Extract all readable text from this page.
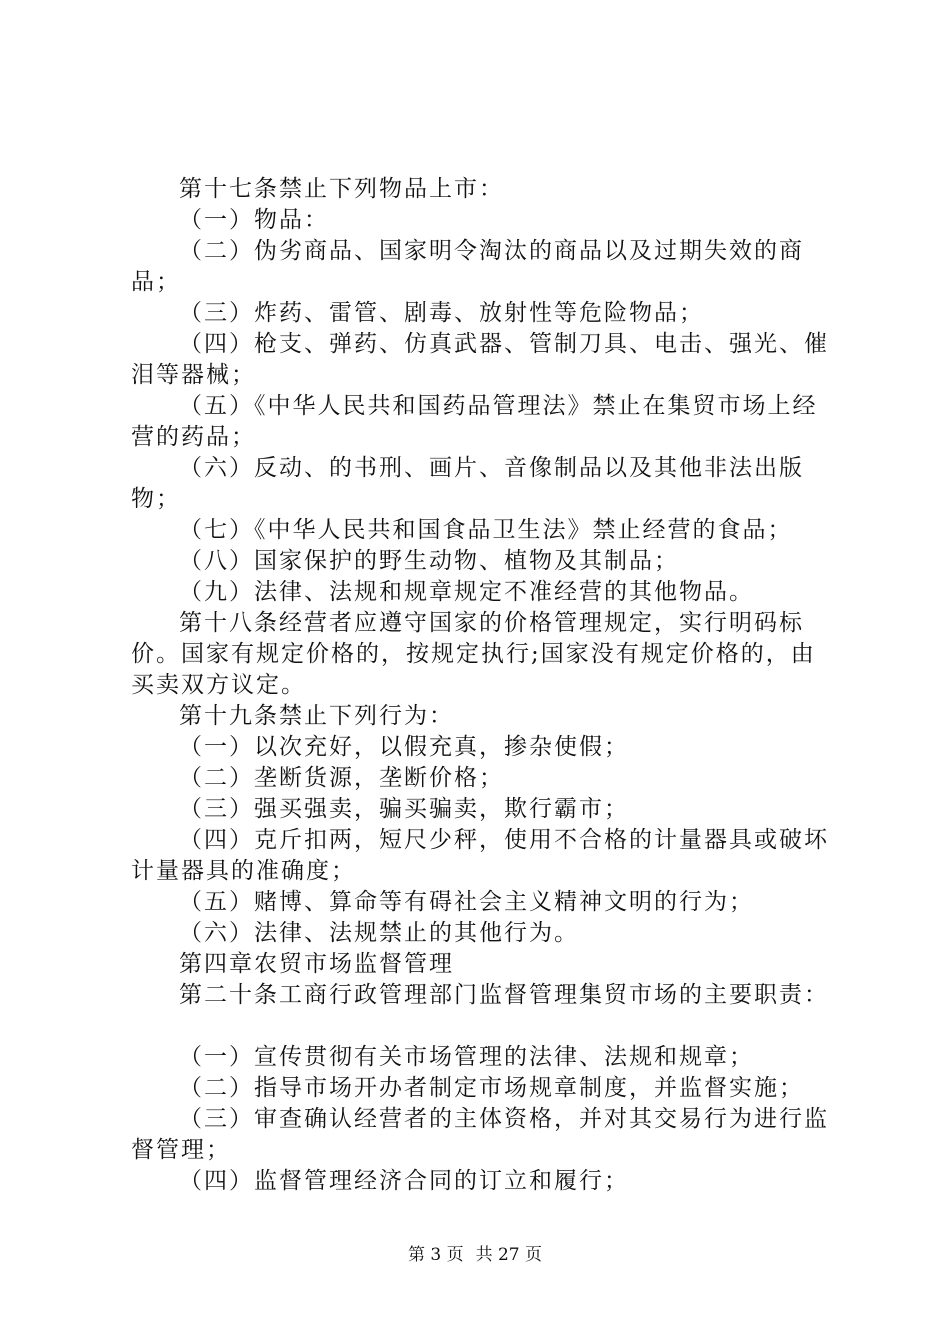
第十七条禁止下列物品上市：

（一）物品：

（二）伪劣商品、国家明令淘汰的商品以及过期失效的商品；

（三）炸药、雷管、剧毒、放射性等危险物品；

（四）枪支、弹药、仿真武器、管制刀具、电击、强光、催泪等器械；

（五）《中华人民共和国药品管理法》禁止在集贸市场上经营的药品；

（六）反动、的书刑、画片、音像制品以及其他非法出版物；

（七）《中华人民共和国食品卫生法》禁止经营的食品；

（八）国家保护的野生动物、植物及其制品；

（九）法律、法规和规章规定不准经营的其他物品。

第十八条经营者应遵守国家的价格管理规定，实行明码标价。国家有规定价格的，按规定执行;国家没有规定价格的，由买卖双方议定。

第十九条禁止下列行为：

（一）以次充好，以假充真，掺杂使假；

（二）垄断货源，垄断价格；

（三）强买强卖，骗买骗卖，欺行霸市；

（四）克斤扣两，短尺少秤，使用不合格的计量器具或破坏计量器具的准确度；

（五）赌博、算命等有碍社会主义精神文明的行为；

（六）法律、法规禁止的其他行为。

第四章农贸市场监督管理

第二十条工商行政管理部门监督管理集贸市场的主要职责：

（一）宣传贯彻有关市场管理的法律、法规和规章；

（二）指导市场开办者制定市场规章制度，并监督实施；

（三）审查确认经营者的主体资格，并对其交易行为进行监督管理；

（四）监督管理经济合同的订立和履行；

第 3 页 共 27 页
